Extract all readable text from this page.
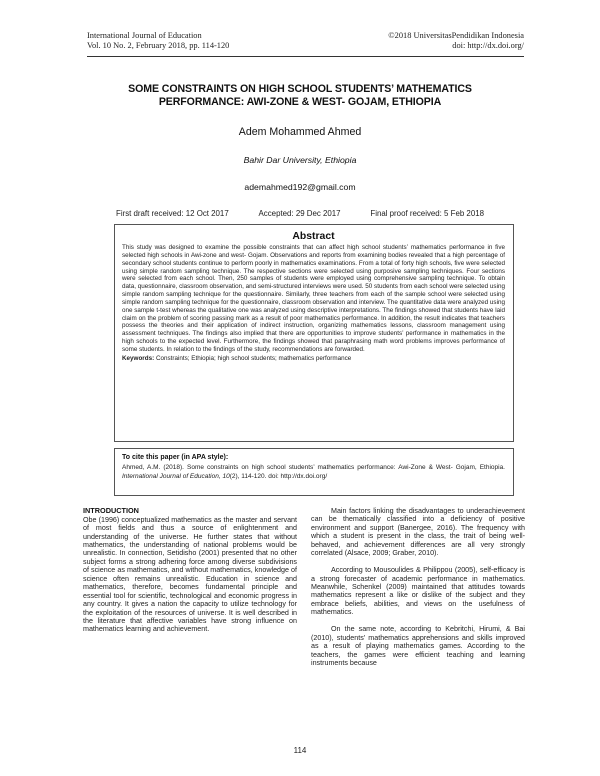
International Journal of Education
Vol. 10 No. 2, February 2018, pp. 114-120
©2018 UniversitasPendidikan Indonesia
doi: http://dx.doi.org/
SOME CONSTRAINTS ON HIGH SCHOOL STUDENTS’ MATHEMATICS
PERFORMANCE: AWI-ZONE & WEST- GOJAM, ETHIOPIA
Adem Mohammed Ahmed
Bahir Dar University, Ethiopia
ademahmed192@gmail.com
First draft received: 12 Oct 2017	Accepted: 29 Dec 2017	Final proof received: 5 Feb 2018
Abstract
This study was designed to examine the possible constraints that can affect high school students’ mathematics performance in five selected high schools in Awi-zone and west- Gojam. Observations and reports from examining bodies revealed that a high percentage of secondary school students continue to perform poorly in mathematics examinations. From a total of forty high schools, five were selected using simple random sampling technique. The respective sections were selected using purposive sampling techniques. Four sections were selected from each school. Then, 250 samples of students were employed using comprehensive sampling technique. To obtain data, questionnaire, classroom observation, and semi-structured interviews were used. 50 students from each school were selected using simple random sampling technique for the questionnaire. Similarly, three teachers from each of the sample school were selected using simple random sampling technique for the questionnaire, classroom observation and interview. The quantitative data were analyzed using one sample t-test whereas the qualitative one was analyzed using descriptive interpretations. The findings showed that students have laid claim on the problem of scoring passing mark as a result of poor mathematics performance. In addition, the result indicates that teachers possess the theories and their application of indirect instruction, organizing mathematics lessons, classroom management using assessment techniques. The findings also implied that there are opportunities to improve students’ performance in mathematics in the high schools to the expected level. Furthermore, the findings showed that paraphrasing math word problems improves performance of some students. In relation to the findings of the study, recommendations are forwarded.
Keywords: Constraints; Ethiopia; high school students; mathematics performance
To cite this paper (in APA style):
Ahmed, A.M. (2018). Some constraints on high school students’ mathematics performance: Awi-Zone & West- Gojam, Ethiopia. International Journal of Education, 10(2), 114-120. doi: http://dx.doi.org/
INTRODUCTION
Obe (1996) conceptualized mathematics as the master and servant of most fields and thus a source of enlightenment and understanding of the universe. He further states that without mathematics, the understanding of national problems would be unrealistic. In connection, Setidisho (2001) presented that no other subject forms a strong adhering force among diverse subdivisions of science as mathematics, and without mathematics, knowledge of science often remains unrealistic. Education in science and mathematics, therefore, becomes fundamental principle and essential tool for scientific, technological and economic progress in any country. It gives a nation the capacity to utilize technology for the exploitation of the resources of universe. It is well described in the literature that affective variables have strong influence on mathematics learning and achievement.
Main factors linking the disadvantages to underachievement can be thematically classified into a deficiency of positive environment and support (Banergee, 2016). The frequency with which a student is present in the class, the trait of being well-behaved, and achievement differences are all very strongly correlated (Alsace, 2009; Graber, 2010).
According to Mousoulides & Philippou (2005), self-efficacy is a strong forecaster of academic performance in mathematics. Meanwhile, Schenkel (2009) maintained that attitudes towards mathematics represent a like or dislike of the subject and they embrace beliefs, abilities, and views on the usefulness of mathematics.
On the same note, according to Kebritchi, Hirumi, & Bai (2010), students' mathematics apprehensions and skills improved as a result of playing mathematics games. According to the teachers, the games were efficient teaching and learning instruments because
114
